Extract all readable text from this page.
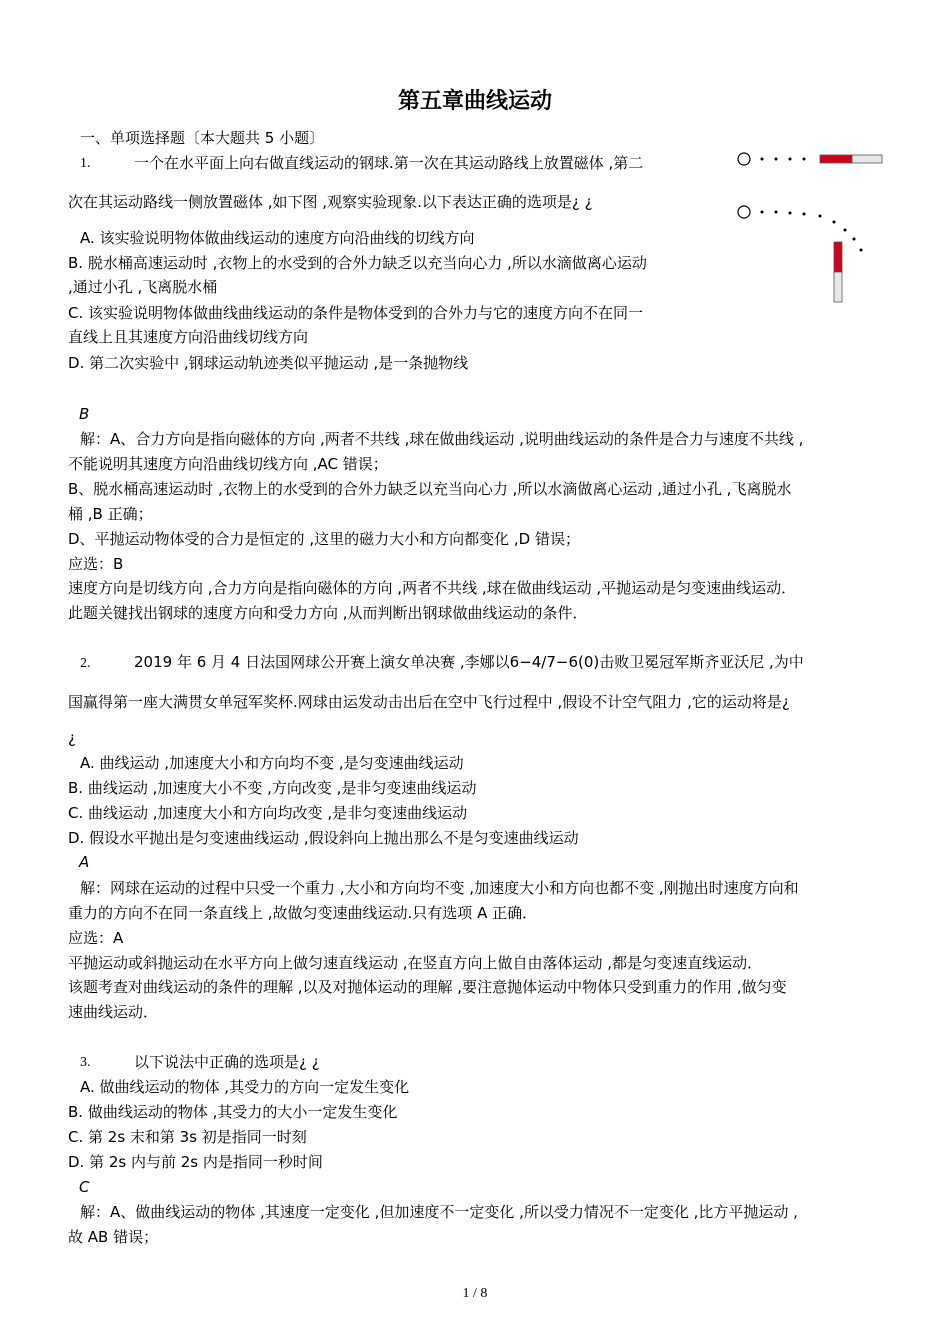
第五章曲线运动
一、单项选择题〔本大题共 5 小题〕
1.	一个在水平面上向右做直线运动的钢球.第一次在其运动路线上放置磁体 ,第二
次在其运动路线一侧放置磁体 ,如下图 ,观察实验现象.以下表达正确的选项是¿ ¿
A. 该实验说明物体做曲线运动的速度方向沿曲线的切线方向
B. 脱水桶高速运动时 ,衣物上的水受到的合外力缺乏以充当向心力 ,所以水滴做离心运动
,通过小孔 ,飞离脱水桶
C. 该实验说明物体做曲线曲线运动的条件是物体受到的合外力与它的速度方向不在同一
直线上且其速度方向沿曲线切线方向
D. 第二次实验中 ,钢球运动轨迹类似平抛运动 ,是一条抛物线
B
解：A、合力方向是指向磁体的方向 ,两者不共线 ,球在做曲线运动 ,说明曲线运动的条件是合力与速度不共线 ,
不能说明其速度方向沿曲线切线方向 ,AC 错误；
B、脱水桶高速运动时 ,衣物上的水受到的合外力缺乏以充当向心力 ,所以水滴做离心运动 ,通过小孔 ,飞离脱水
桶 ,B 正确；
D、平抛运动物体受的合力是恒定的 ,这里的磁力大小和方向都变化 ,D 错误；
应选：B
速度方向是切线方向 ,合力方向是指向磁体的方向 ,两者不共线 ,球在做曲线运动 ,平抛运动是匀变速曲线运动．
此题关键找出钢球的速度方向和受力方向 ,从而判断出钢球做曲线运动的条件．
2.	2019 年 6 月 4 日法国网球公开赛上演女单决赛 ,李娜以6−4/7−6(0)击败卫冕冠军斯齐亚沃尼 ,为中
国赢得第一座大满贯女单冠军奖杯.网球由运发动击出后在空中飞行过程中 ,假设不计空气阻力 ,它的运动将是¿
¿
A. 曲线运动 ,加速度大小和方向均不变 ,是匀变速曲线运动
B. 曲线运动 ,加速度大小不变 ,方向改变 ,是非匀变速曲线运动
C. 曲线运动 ,加速度大小和方向均改变 ,是非匀变速曲线运动
D. 假设水平抛出是匀变速曲线运动 ,假设斜向上抛出那么不是匀变速曲线运动
A
解：网球在运动的过程中只受一个重力 ,大小和方向均不变 ,加速度大小和方向也都不变 ,刚抛出时速度方向和
重力的方向不在同一条直线上 ,故做匀变速曲线运动.只有选项 A 正确．
应选：A
平抛运动或斜抛运动在水平方向上做匀速直线运动 ,在竖直方向上做自由落体运动 ,都是匀变速直线运动．
该题考查对曲线运动的条件的理解 ,以及对抛体运动的理解 ,要注意抛体运动中物体只受到重力的作用 ,做匀变
速曲线运动．
3.	以下说法中正确的选项是¿ ¿
A. 做曲线运动的物体 ,其受力的方向一定发生变化
B. 做曲线运动的物体 ,其受力的大小一定发生变化
C. 第 2s 末和第 3s 初是指同一时刻
D. 第 2s 内与前 2s 内是指同一秒时间
C
解：A、做曲线运动的物体 ,其速度一定变化 ,但加速度不一定变化 ,所以受力情况不一定变化 ,比方平抛运动 ,
故 AB 错误；
1 / 8
